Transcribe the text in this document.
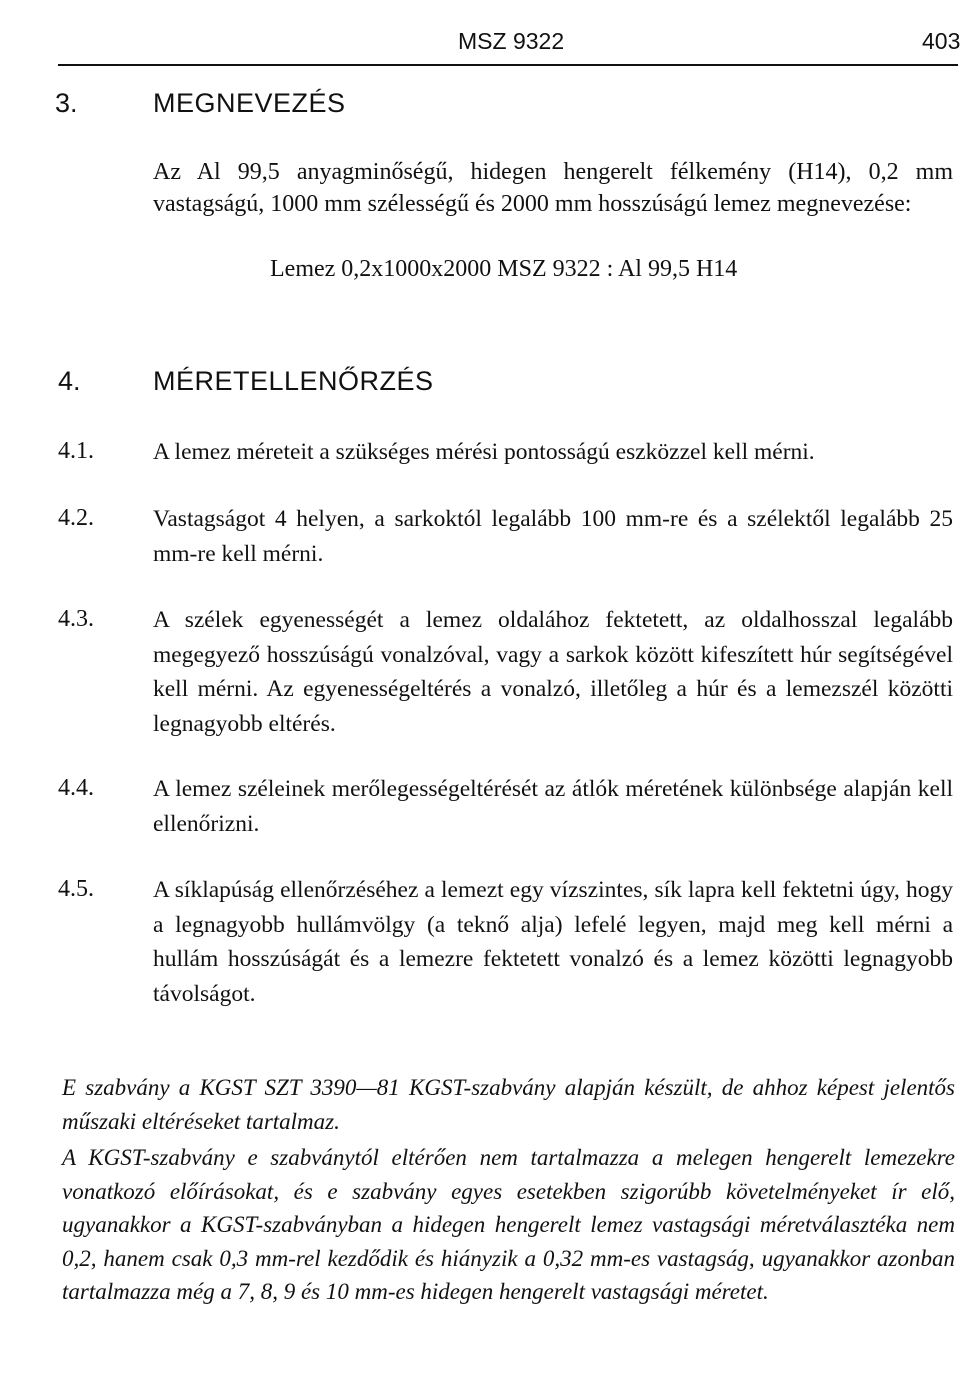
MSZ 9322	403
3.	MEGNEVEZÉS
Az Al 99,5 anyagminőségű, hidegen hengerelt félkemény (H14), 0,2 mm vastagságú, 1000 mm szélességű és 2000 mm hosszúságú lemez megnevezése:
Lemez 0,2x1000x2000 MSZ 9322 : Al 99,5 H14
4.	MÉRETELLENŐRZÉS
4.1.	A lemez méreteit a szükséges mérési pontosságú eszközzel kell mérni.
4.2.	Vastagságot 4 helyen, a sarkoktól legalább 100 mm-re és a szélektől legalább 25 mm-re kell mérni.
4.3.	A szélek egyenességét a lemez oldalához fektetett, az oldalhosszal legalább megegyező hosszúságú vonalzóval, vagy a sarkok között kifeszített húr segítségével kell mérni. Az egyenességeltérés a vonalzó, illetőleg a húr és a lemezszél közötti legnagyobb eltérés.
4.4.	A lemez széleinek merőlegességeltérését az átlók méretének különbsége alapján kell ellenőrizni.
4.5.	A síklapúság ellenőrzéséhez a lemezt egy vízszintes, sík lapra kell fektetni úgy, hogy a legnagyobb hullámvölgy (a teknő alja) lefelé legyen, majd meg kell mérni a hullám hosszúságát és a lemezre fektetett vonalzó és a lemez közötti legnagyobb távolságot.
E szabvány a KGST SZT 3390—81 KGST-szabvány alapján készült, de ahhoz képest jelentős műszaki eltéréseket tartalmaz.
A KGST-szabvány e szabványtól eltérően nem tartalmazza a melegen hengerelt lemezekre vonatkozó előírásokat, és e szabvány egyes esetekben szigorúbb követelményeket ír elő, ugyanakkor a KGST-szabványban a hidegen hengerelt lemez vastagsági méretválasztéka nem 0,2, hanem csak 0,3 mm-rel kezdődik és hiányzik a 0,32 mm-es vastagság, ugyanakkor azonban tartalmazza még a 7, 8, 9 és 10 mm-es hidegen hengerelt vastagsági méretet.
